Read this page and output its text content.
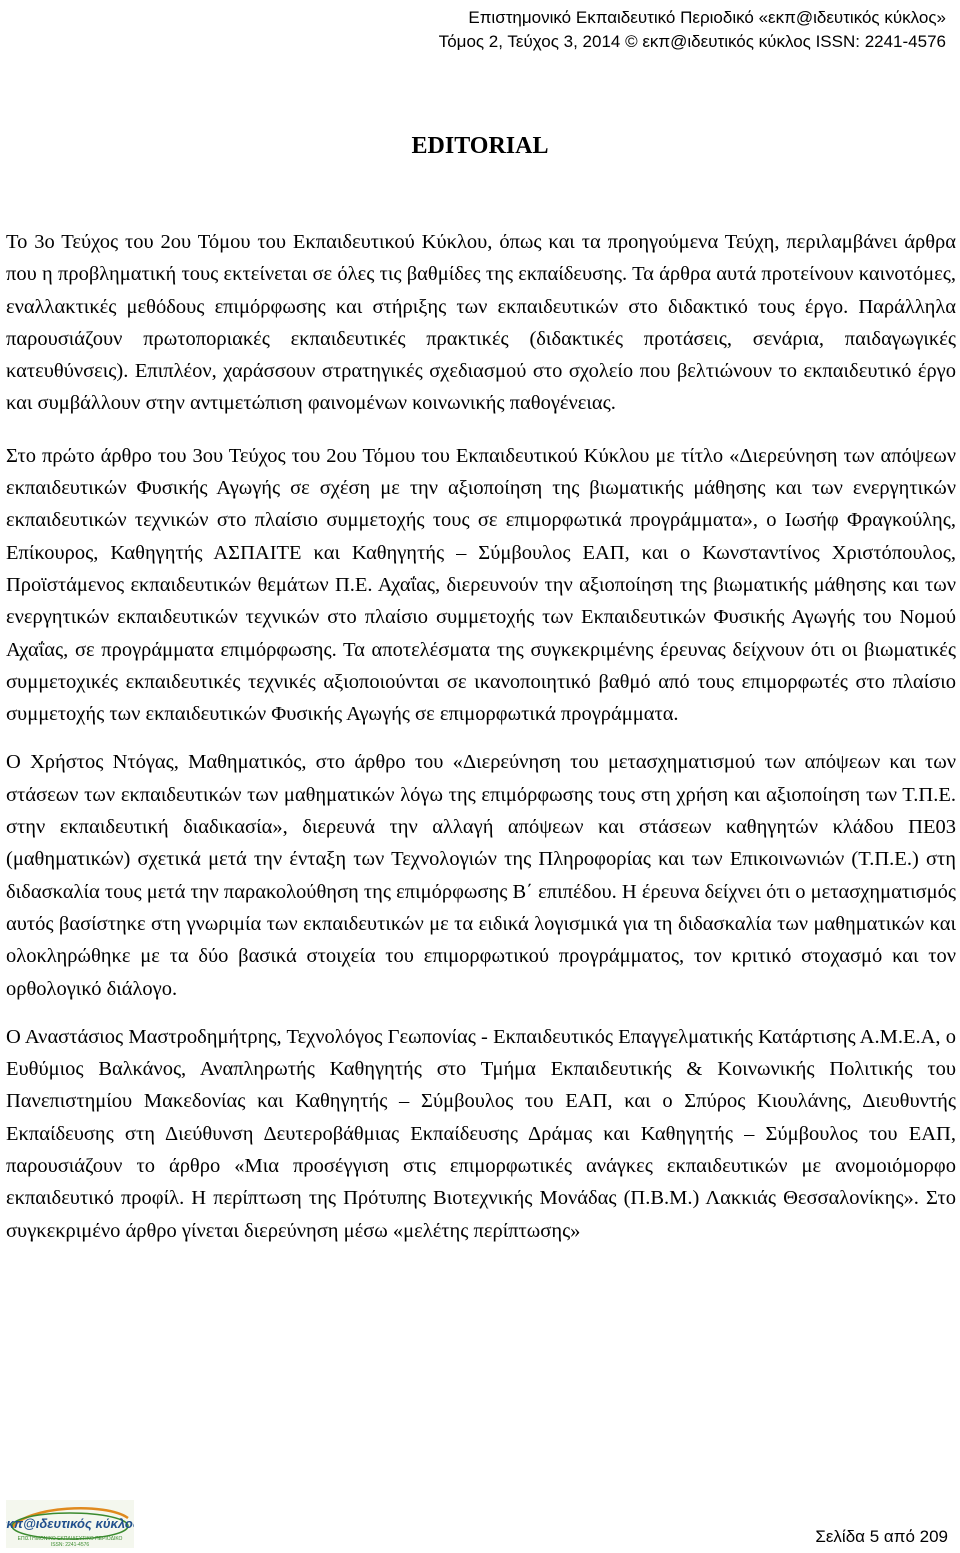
Επιστημονικό Εκπαιδευτικό Περιοδικό «εκπ@ιδευτικός κύκλος»
Τόμος 2, Τεύχος 3, 2014 © εκπ@ιδευτικός κύκλος ISSN: 2241-4576
EDITORIAL

Το 3ο Τεύχος του 2ου Τόμου του Εκπαιδευτικού Κύκλου, όπως και τα προηγούμενα Τεύχη, περιλαμβάνει άρθρα που η προβληματική τους εκτείνεται σε όλες τις βαθμίδες της εκπαίδευσης. Τα άρθρα αυτά προτείνουν καινοτόμες, εναλλακτικές μεθόδους επιμόρφωσης και στήριξης των εκπαιδευτικών στο διδακτικό τους έργο. Παράλληλα παρουσιάζουν πρωτοποριακές εκπαιδευτικές πρακτικές (διδακτικές προτάσεις, σενάρια, παιδαγωγικές κατευθύνσεις). Επιπλέον, χαράσσουν στρατηγικές σχεδιασμού στο σχολείο που βελτιώνουν το εκπαιδευτικό έργο και συμβάλλουν στην αντιμετώπιση φαινομένων κοινωνικής παθογένειας.

Στο πρώτο άρθρο του 3ου Τεύχος του 2ου Τόμου του Εκπαιδευτικού Κύκλου με τίτλο «Διερεύνηση των απόψεων εκπαιδευτικών Φυσικής Αγωγής σε σχέση με την αξιοποίηση της βιωματικής μάθησης και των ενεργητικών εκπαιδευτικών τεχνικών στο πλαίσιο συμμετοχής τους σε επιμορφωτικά προγράμματα», ο Ιωσήφ Φραγκούλης, Επίκουρος, Καθηγητής ΑΣΠΑΙΤΕ και Καθηγητής – Σύμβουλος ΕΑΠ, και ο Κωνσταντίνος Χριστόπουλος, Προϊστάμενος εκπαιδευτικών θεμάτων Π.Ε. Αχαΐας, διερευνούν την αξιοποίηση της βιωματικής μάθησης και των ενεργητικών εκπαιδευτικών τεχνικών στο πλαίσιο συμμετοχής των Εκπαιδευτικών Φυσικής Αγωγής του Νομού Αχαΐας, σε προγράμματα επιμόρφωσης. Τα αποτελέσματα της συγκεκριμένης έρευνας δείχνουν ότι οι βιωματικές συμμετοχικές εκπαιδευτικές τεχνικές αξιοποιούνται σε ικανοποιητικό βαθμό από τους επιμορφωτές στο πλαίσιο συμμετοχής των εκπαιδευτικών Φυσικής Αγωγής σε επιμορφωτικά προγράμματα.

Ο Χρήστος Ντόγας, Μαθηματικός, στο άρθρο του «Διερεύνηση του μετασχηματισμού των απόψεων και των στάσεων των εκπαιδευτικών των μαθηματικών λόγω της επιμόρφωσης τους στη χρήση και αξιοποίηση των Τ.Π.Ε. στην εκπαιδευτική διαδικασία», διερευνά την αλλαγή απόψεων και στάσεων καθηγητών κλάδου ΠΕ03 (μαθηματικών) σχετικά μετά την ένταξη των Τεχνολογιών της Πληροφορίας και των Επικοινωνιών (Τ.Π.Ε.) στη διδασκαλία τους μετά την παρακολούθηση της επιμόρφωσης Β΄ επιπέδου. Η έρευνα δείχνει ότι ο μετασχηματισμός αυτός βασίστηκε στη γνωριμία των εκπαιδευτικών με τα ειδικά λογισμικά για τη διδασκαλία των μαθηματικών και ολοκληρώθηκε με τα δύο βασικά στοιχεία του επιμορφωτικού προγράμματος, τον κριτικό στοχασμό και τον ορθολογικό διάλογο.

Ο Αναστάσιος Μαστροδημήτρης, Τεχνολόγος Γεωπονίας - Εκπαιδευτικός Επαγγελματικής Κατάρτισης Α.Μ.Ε.Α, ο Ευθύμιος Βαλκάνος, Αναπληρωτής Καθηγητής στο Τμήμα Εκπαιδευτικής & Κοινωνικής Πολιτικής του Πανεπιστημίου Μακεδονίας και Καθηγητής – Σύμβουλος του ΕΑΠ, και ο Σπύρος Κιουλάνης, Διευθυντής Εκπαίδευσης στη Διεύθυνση Δευτεροβάθμιας Εκπαίδευσης Δράμας και Καθηγητής – Σύμβουλος του ΕΑΠ, παρουσιάζουν το άρθρο «Μια προσέγγιση στις επιμορφωτικές ανάγκες εκπαιδευτικών με ανομοιόμορφο εκπαιδευτικό προφίλ. Η περίπτωση της Πρότυπης Βιοτεχνικής Μονάδας (Π.Β.Μ.) Λακκιάς Θεσσαλονίκης». Στο συγκεκριμένο άρθρο γίνεται διερεύνηση μέσω «μελέτης περίπτωσης»

εκπ@ιδευτικός κύκλος
ΕΠΙΣΤΗΜΟΝΙΚΟ ΕΚΠΑΙΔΕΥΤΙΚΟ ΠΕΡΙΟΔΙΚΟ
ISSN: 2241-4576	Σελίδα 5 από 209
